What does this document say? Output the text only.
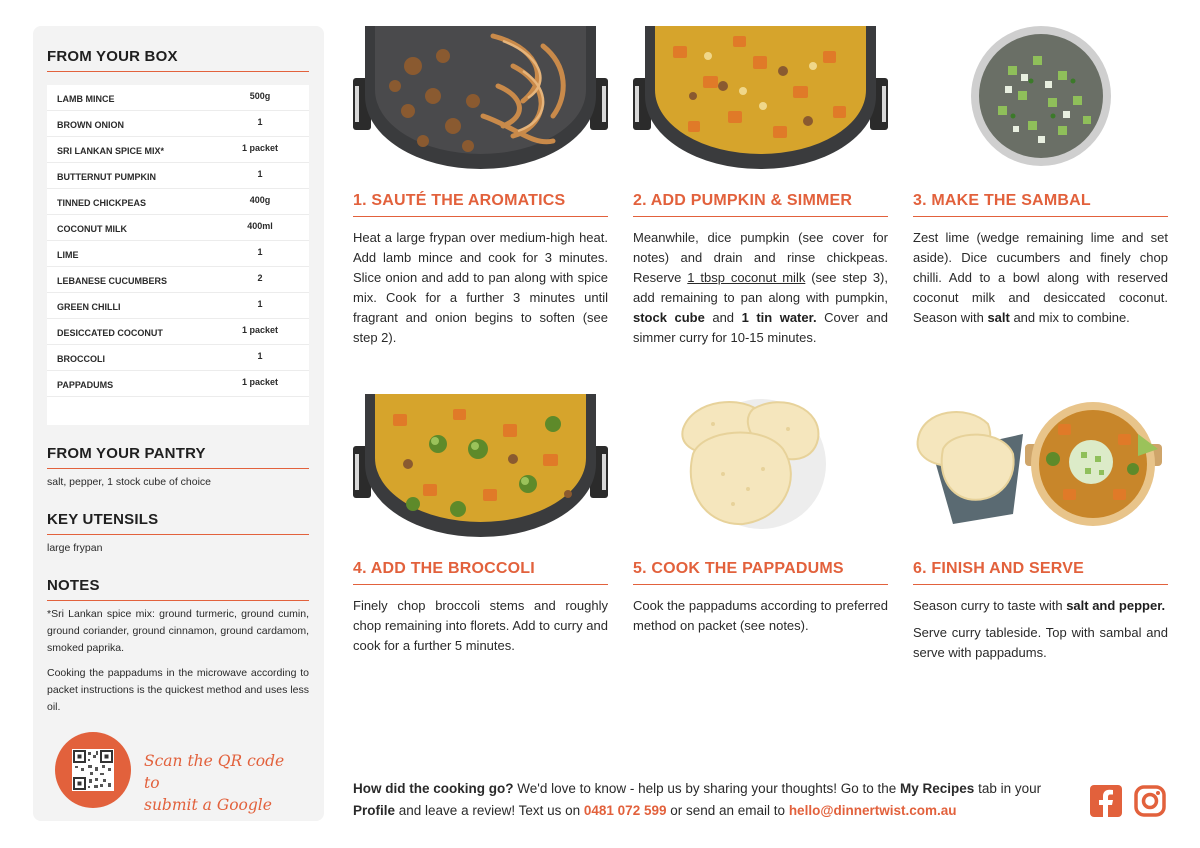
FROM YOUR BOX
LAMB MINCE	500g
BROWN ONION	1
SRI LANKAN SPICE MIX*	1 packet
BUTTERNUT PUMPKIN	1
TINNED CHICKPEAS	400g
COCONUT MILK	400ml
LIME	1
LEBANESE CUCUMBERS	2
GREEN CHILLI	1
DESICCATED COCONUT	1 packet
BROCCOLI	1
PAPPADUMS	1 packet
FROM YOUR PANTRY
salt, pepper, 1 stock cube of choice
KEY UTENSILS
large frypan
NOTES
*Sri Lankan spice mix: ground turmeric, ground cumin, ground coriander, ground cinnamon, ground cardamom, smoked paprika.
Cooking the pappadums in the microwave according to packet instructions is the quickest method and uses less oil.
Scan the QR code to
submit a Google
1. SAUTÉ THE AROMATICS
Heat a large frypan over medium-high heat. Add lamb mince and cook for 3 minutes. Slice onion and add to pan along with spice mix. Cook for a further 3 minutes until fragrant and onion begins to soften (see step 2).
2. ADD PUMPKIN & SIMMER
Meanwhile, dice pumpkin (see cover for notes) and drain and rinse chickpeas. Reserve 1 tbsp coconut milk (see step 3), add remaining to pan along with pumpkin, stock cube and 1 tin water. Cover and simmer curry for 10-15 minutes.
3. MAKE THE SAMBAL
Zest lime (wedge remaining lime and set aside). Dice cucumbers and finely chop chilli. Add to a bowl along with reserved coconut milk and desiccated coconut. Season with salt and mix to combine.
4. ADD THE BROCCOLI
Finely chop broccoli stems and roughly chop remaining into florets. Add to curry and cook for a further 5 minutes.
5. COOK THE PAPPADUMS
Cook the pappadums according to preferred method on packet (see notes).
6. FINISH AND SERVE
Season curry to taste with salt and pepper.
Serve curry tableside. Top with sambal and serve with pappadums.
How did the cooking go? We'd love to know - help us by sharing your thoughts! Go to the My Recipes tab in your Profile and leave a review! Text us on 0481 072 599 or send an email to hello@dinnertwist.com.au
